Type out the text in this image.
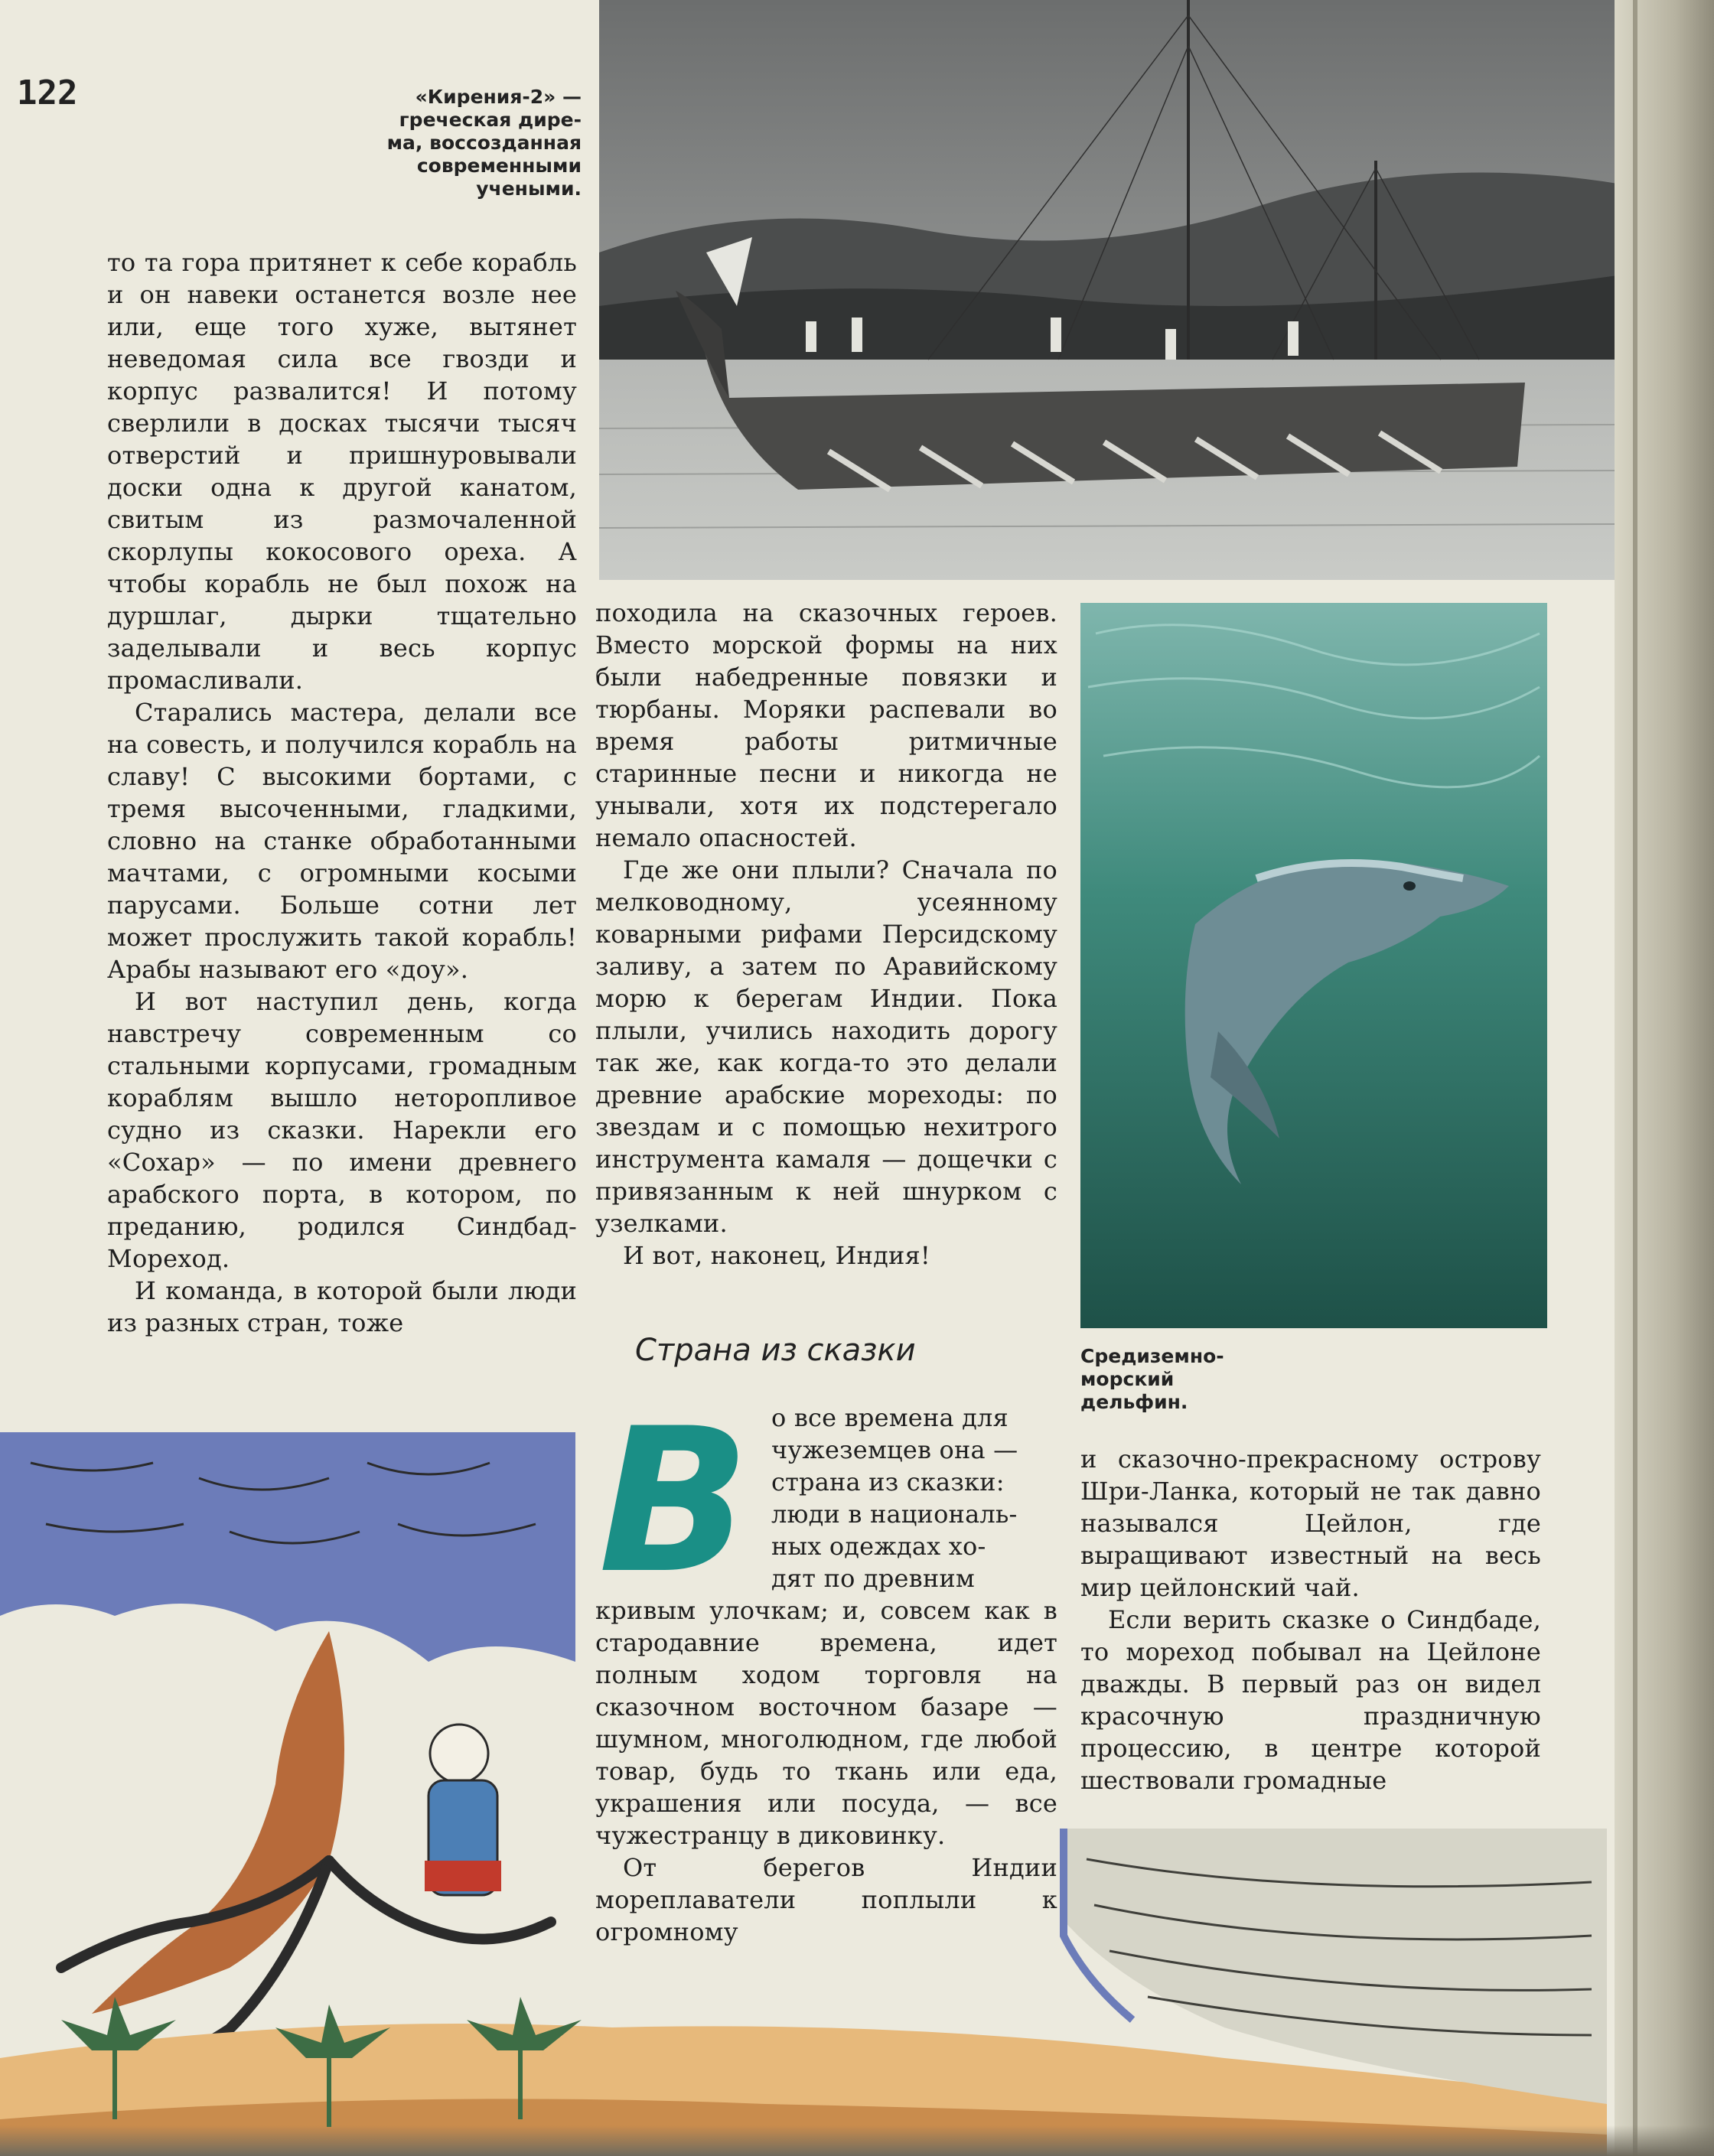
122	«Кирения-2» —
греческая дире-
ма, воссозданная
современными
учеными.

то та гора притянет к себе корабль и он навеки останется возле нее или, еще того хуже, вытянет неведомая сила все гвозди и корпус развалится! И потому сверлили в досках тысячи тысяч отверстий и пришнуровывали доски одна к другой канатом, свитым из размочаленной скорлупы кокосового ореха. А чтобы корабль не был похож на дуршлаг, дырки тщательно заделывали и весь корпус промасливали.

Старались мастера, делали все на совесть, и получился корабль на славу! С высокими бортами, с тремя высоченными, гладкими, словно на станке обработанными мачтами, с огромными косыми парусами. Больше сотни лет может прослужить такой корабль! Арабы называют его «доу».

И вот наступил день, когда навстречу современным со стальными корпусами, громадным кораблям вышло неторопливое судно из сказки. Нарекли его «Сохар» — по имени древнего арабского порта, в котором, по преданию, родился Синдбад-Мореход.

И команда, в которой были люди из разных стран, тоже

походила на сказочных героев. Вместо морской формы на них были набедренные повязки и тюрбаны. Моряки распевали во время работы ритмичные старинные песни и никогда не унывали, хотя их подстерегало немало опасностей.

Где же они плыли? Сначала по мелководному, усеянному коварными рифами Персидскому заливу, а затем по Аравийскому морю к берегам Индии. Пока плыли, учились находить дорогу так же, как когда-то это делали древние арабские мореходы: по звездам и с помощью нехитрого инструмента камаля — дощечки с привязанным к ней шнурком с узелками.

И вот, наконец, Индия!

Страна из сказки
В о все времена для
чужеземцев она —
страна из сказки:
люди в националь-
ных одеждах хо-
дят по древним

кривым улочкам; и, совсем как в стародавние времена, идет полным ходом торговля на сказочном восточном базаре — шумном, многолюдном, где любой товар, будь то ткань или еда, украшения или посуда, — все чужестранцу в диковинку.

От берегов Индии мореплаватели поплыли к огромному

Средиземно-
морский
дельфин.

и сказочно-прекрасному острову Шри-Ланка, который не так давно назывался Цейлон, где выращивают известный на весь мир цейлонский чай.

Если верить сказке о Синдбаде, то мореход побывал на Цейлоне дважды. В первый раз он видел красочную праздничную процессию, в центре которой шествовали громадные
